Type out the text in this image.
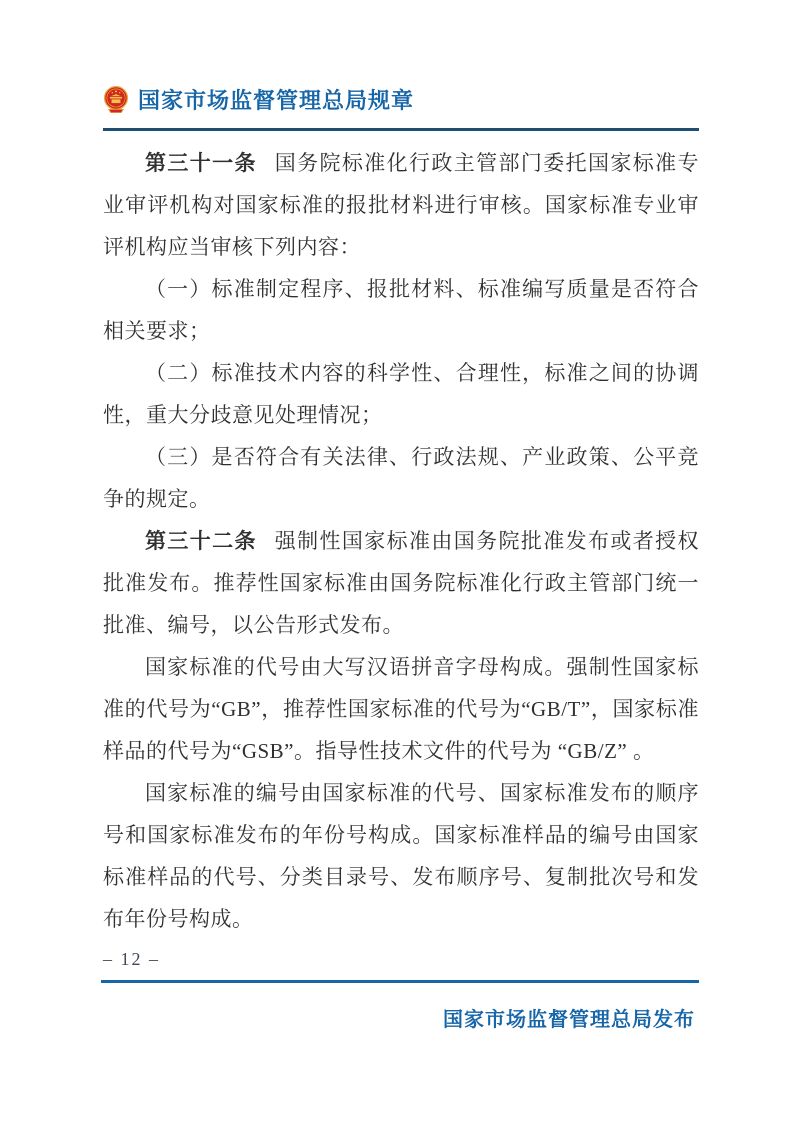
国家市场监督管理总局规章

第三十一条 国务院标准化行政主管部门委托国家标准专业审评机构对国家标准的报批材料进行审核。国家标准专业审评机构应当审核下列内容：

（一）标准制定程序、报批材料、标准编写质量是否符合相关要求；

（二）标准技术内容的科学性、合理性，标准之间的协调性，重大分歧意见处理情况；

（三）是否符合有关法律、行政法规、产业政策、公平竞争的规定。

第三十二条 强制性国家标准由国务院批准发布或者授权批准发布。推荐性国家标准由国务院标准化行政主管部门统一批准、编号，以公告形式发布。

国家标准的代号由大写汉语拼音字母构成。强制性国家标准的代号为“GB”，推荐性国家标准的代号为“GB/T”，国家标准样品的代号为“GSB”。指导性技术文件的代号为 “GB/Z” 。

国家标准的编号由国家标准的代号、国家标准发布的顺序号和国家标准发布的年份号构成。国家标准样品的编号由国家标准样品的代号、分类目录号、发布顺序号、复制批次号和发布年份号构成。

– 12 –
国家市场监督管理总局发布
